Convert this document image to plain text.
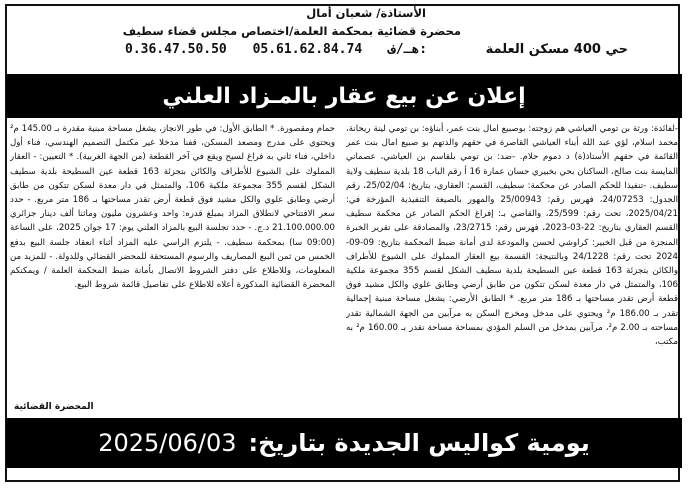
الأستاذة/ شعبان أمال
محضرة قضائية بمحكمة العلمة/اختصاص مجلس قضاء سطيف
حي 400 مسكن العلمة
0.36.47.50.50 05.61.62.84.74 هـ/ف:
إعلان عن بيع عقار بالمـزاد العلني

-لفائدة: ورثة بن تومي العياشي هم زوجته: بوصبيع امال بنت عمر، أبناؤه: بن تومي لينة ريحانة، محمد اسلام، لؤي عبد الله أبناء العياشي القاصرة في حقهم والدتهم بو صبيع امال بنت عمر القائمة في حقهم الأستاذ(ة) د دموم حلام. -ضد: بن تومي بلقاسم بن العياشي، عصماني المايسة بنت صالح، الساكنان بحي بخبيري حسان عمارة 16 أ رقم الباب 18 بلدية سطيف ولاية سطيف. -تنفيذا للحكم الصادر عن محكمة: سطيف، القسم: العقاري، بتاريخ: 25/02/04، رقم الجدول: 24/07253، فهرس رقم: 25/00943 والمهور بالصيغة التنفيذية المؤرخة في: 2025/04/21، تحت رقم: 25/599، والقاضي بـ: إفراغ الحكم الصادر عن محكمة سطيف القسم العقاري بتاريخ: 22-03-2023، فهرس رقم: 23/2715، والمصادقة على تقرير الخبرة المنجزة من قبل الخبير: كراوشي لحسن والمودعة لدى أمانة ضبط المحكمة بتاريخ: 09-09-2024 تحت رقم: 24/1228 وبالنتيجة: القسمة بيع العقار المملوك على الشيوع للأطراف والكائن بتجزئة 163 قطعة عين السطيحة بلدية سطيف الشكل لقسم 355 مجموعة ملكية 106، والمتمثل في دار معدة لسكن تتكون من طابق أرضي وطابق علوي والكل مشيد فوق قطعة أرض تقدر مساحتها بـ 186 متر مربع. * الطابق الأرضي: يشغل مساحة مبنية إجمالية تقدر بـ 186.00 م² ويحتوي على مدخل ومخرج السكن به مرآبين من الجهة الشمالية تقدر مساحته بـ 2.00 م²، مرآبين بمدخل من السلم المؤدي بمساحة مساحة تقدر بـ 160.00 م² به مكتب،

حمام ومقصورة. * الطابق الأول: في طور الانجاز، يشغل مساحة مبنية مقدرة بـ 145.00 م² ويحتوي على مدرج ومصعد المسكن، قفنا مدخلا غير مكتمل التصميم الهندسي، فناء أول داخلي، فناء ثاني به فراغ لسيح ويقع في آخر القطعة (من الجهة الغربية). * التعيين: - العقار المملوك على الشيوع للأطراف والكائن بتجزئة 163 قطعة عين السطيحة بلدية سطيف الشكل لقسم 355 مجموعة ملكية 106، والمتمثل في دار معدة لسكن تتكون من طابق أرضي وطابق علوي والكل مشيد فوق قطعة أرض تقدر مساحتها بـ 186 متر مربع. - حدد سعر الافتتاحي لانطلاق المزاد بمبلغ قدره: واحد وعشرون مليون وماثنا ألف دينار جزائري 21.100.000.00 د.ج. - حدد تجلسة البيع بالمزاد العلني يوم: 17 جوان 2025، على الساعة (09:00 سا) بمحكمة سطيف. - يلتزم الراسي عليه المزاد أثناء انعقاد جلسة البيع بدفع الخمس من ثمن البيع المصاريف والرسوم المستحقة للمحضر القضائي وللدولة. - للمزيد من المعلومات، وللاطلاع على دفتر الشروط الاتصال بأمانة ضبط المحكمة العلمة / ويمكنكم المحضرة القضائية المذكورة أعلاه للاطلاع على تفاصيل قائمة شروط البيع.

المحضرة القضائية
يومية كواليس الجديدة بتاريخ:
2025/06/03
